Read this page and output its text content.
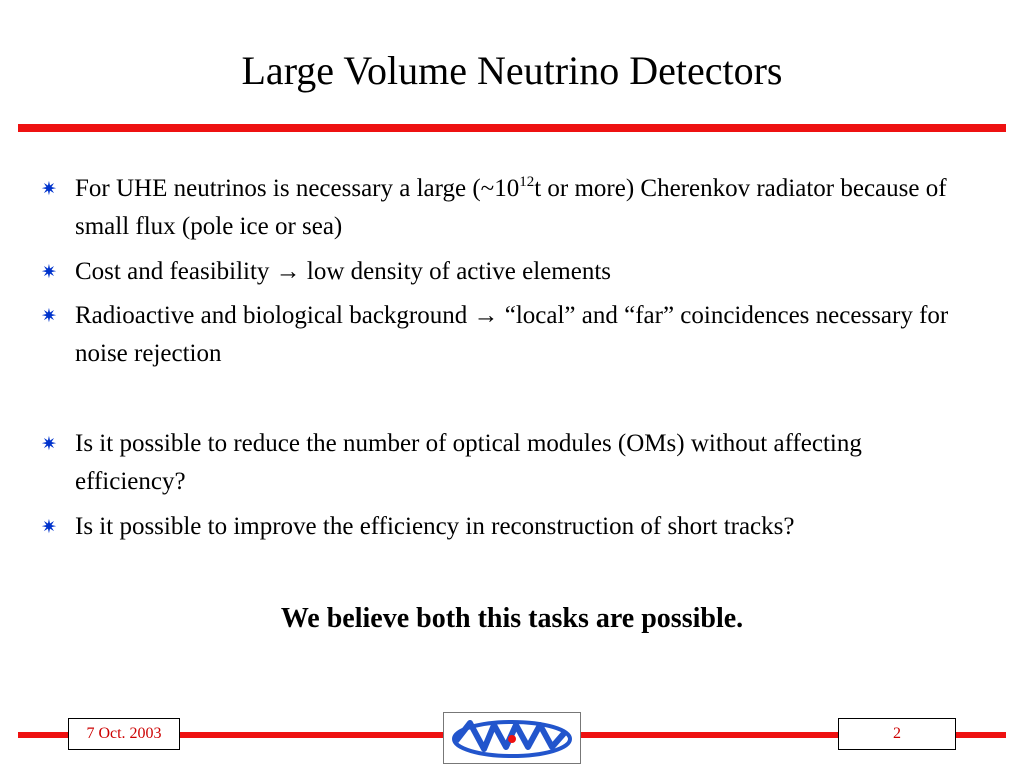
Large Volume Neutrino Detectors
✷ For UHE neutrinos is necessary a large ($\sim 10^{12}t$ or more) Cherenkov radiator because of small flux (pole ice or sea)
✷ Cost and feasibility → low density of active elements
✷ Radioactive and biological background → “local” and “far” coincidences necessary for noise rejection
✷ Is it possible to reduce the number of optical modules (OMs) without affecting efficiency?
✷ Is it possible to improve the efficiency in reconstruction of short tracks?
We believe both this tasks are possible.
7 Oct. 2003	2
